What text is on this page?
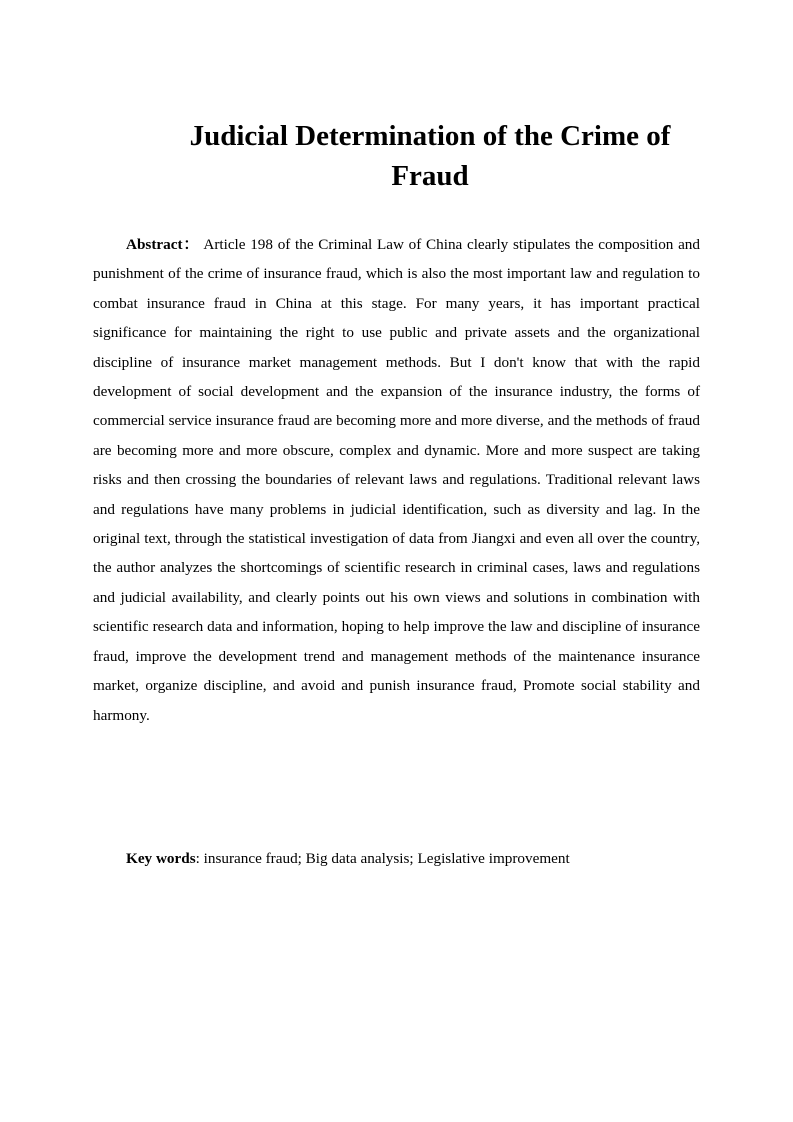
Judicial Determination of the Crime of Fraud

Abstract： Article 198 of the Criminal Law of China clearly stipulates the composition and punishment of the crime of insurance fraud, which is also the most important law and regulation to combat insurance fraud in China at this stage. For many years, it has important practical significance for maintaining the right to use public and private assets and the organizational discipline of insurance market management methods. But I don't know that with the rapid development of social development and the expansion of the insurance industry, the forms of commercial service insurance fraud are becoming more and more diverse, and the methods of fraud are becoming more and more obscure, complex and dynamic. More and more suspect are taking risks and then crossing the boundaries of relevant laws and regulations. Traditional relevant laws and regulations have many problems in judicial identification, such as diversity and lag. In the original text, through the statistical investigation of data from Jiangxi and even all over the country, the author analyzes the shortcomings of scientific research in criminal cases, laws and regulations and judicial availability, and clearly points out his own views and solutions in combination with scientific research data and information, hoping to help improve the law and discipline of insurance fraud, improve the development trend and management methods of the maintenance insurance market, organize discipline, and avoid and punish insurance fraud, Promote social stability and harmony.

Key words: insurance fraud; Big data analysis; Legislative improvement
